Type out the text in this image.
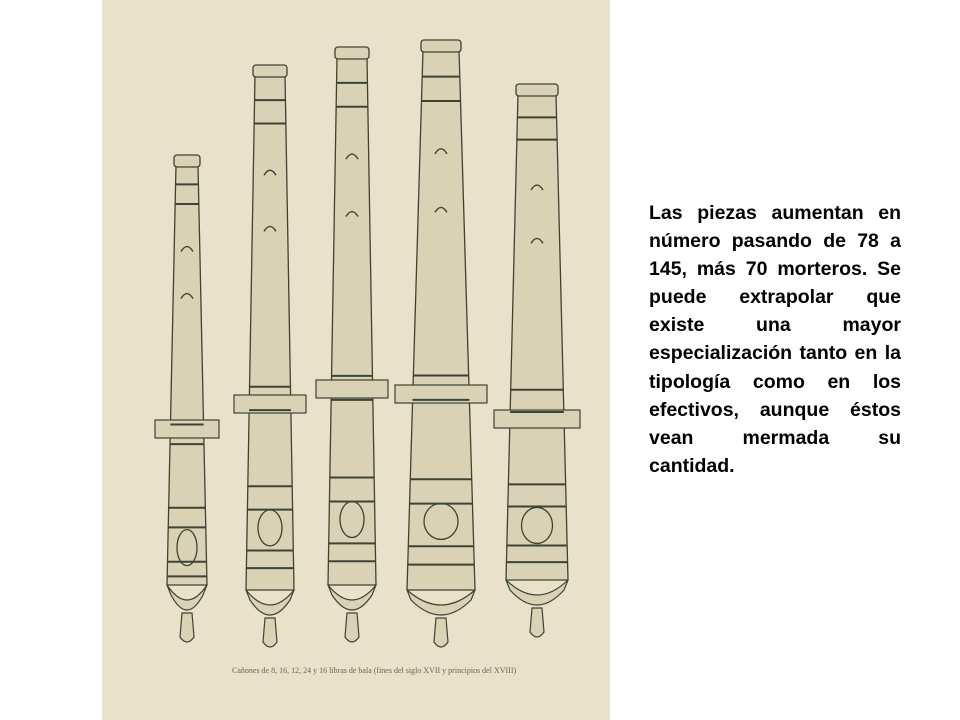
Cañones de 8, 16, 12, 24 y 16 libras de bala (fines del siglo XVII y principios del XVIII)
Las piezas aumentan en número pasando de 78 a 145, más 70 morteros. Se puede extrapolar que existe una mayor especialización tanto en la tipología como en los efectivos, aunque éstos vean mermada su cantidad.
